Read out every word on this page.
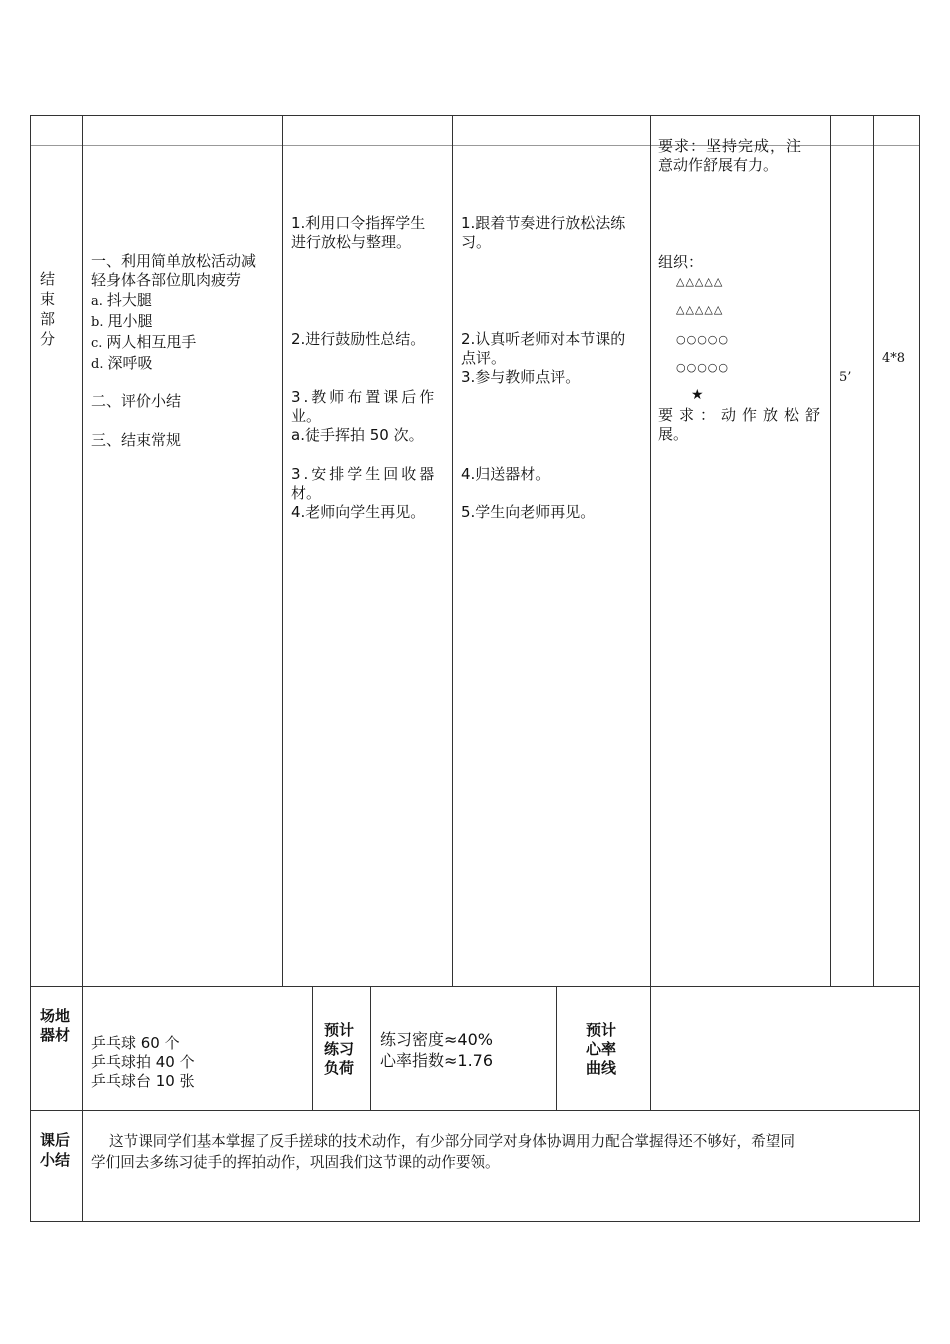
结
束
部
分
一、利用简单放松活动减
轻身体各部位肌肉疲劳
a. 抖大腿
b. 甩小腿
c. 两人相互甩手
d. 深呼吸
二、评价小结
三、结束常规
1.利用口令指挥学生
进行放松与整理。
2.进行鼓励性总结。
3.教师布置课后作
业。
a.徒手挥拍 50 次。
3.安排学生回收器
材。
4.老师向学生再见。
1.跟着节奏进行放松法练
习。
2.认真听老师对本节课的
点评。
3.参与教师点评。
4.归送器材。
5.学生向老师再见。
要求：坚持完成，注
意动作舒展有力。
组织：
△△△△△
△△△△△
○○○○○
○○○○○
★
要求：动作放松舒
展。
5’
4*8
场地
器材 乒乓球 60 个
乒乓球拍 40 个
乒乓球台 10 张
预计
练习
负荷
练习密度≈40%
心率指数≈1.76
预计
心率
曲线
课后
小结
这节课同学们基本掌握了反手搓球的技术动作，有少部分同学对身体协调用力配合掌握得还不够好，希望同
学们回去多练习徒手的挥拍动作，巩固我们这节课的动作要领。
